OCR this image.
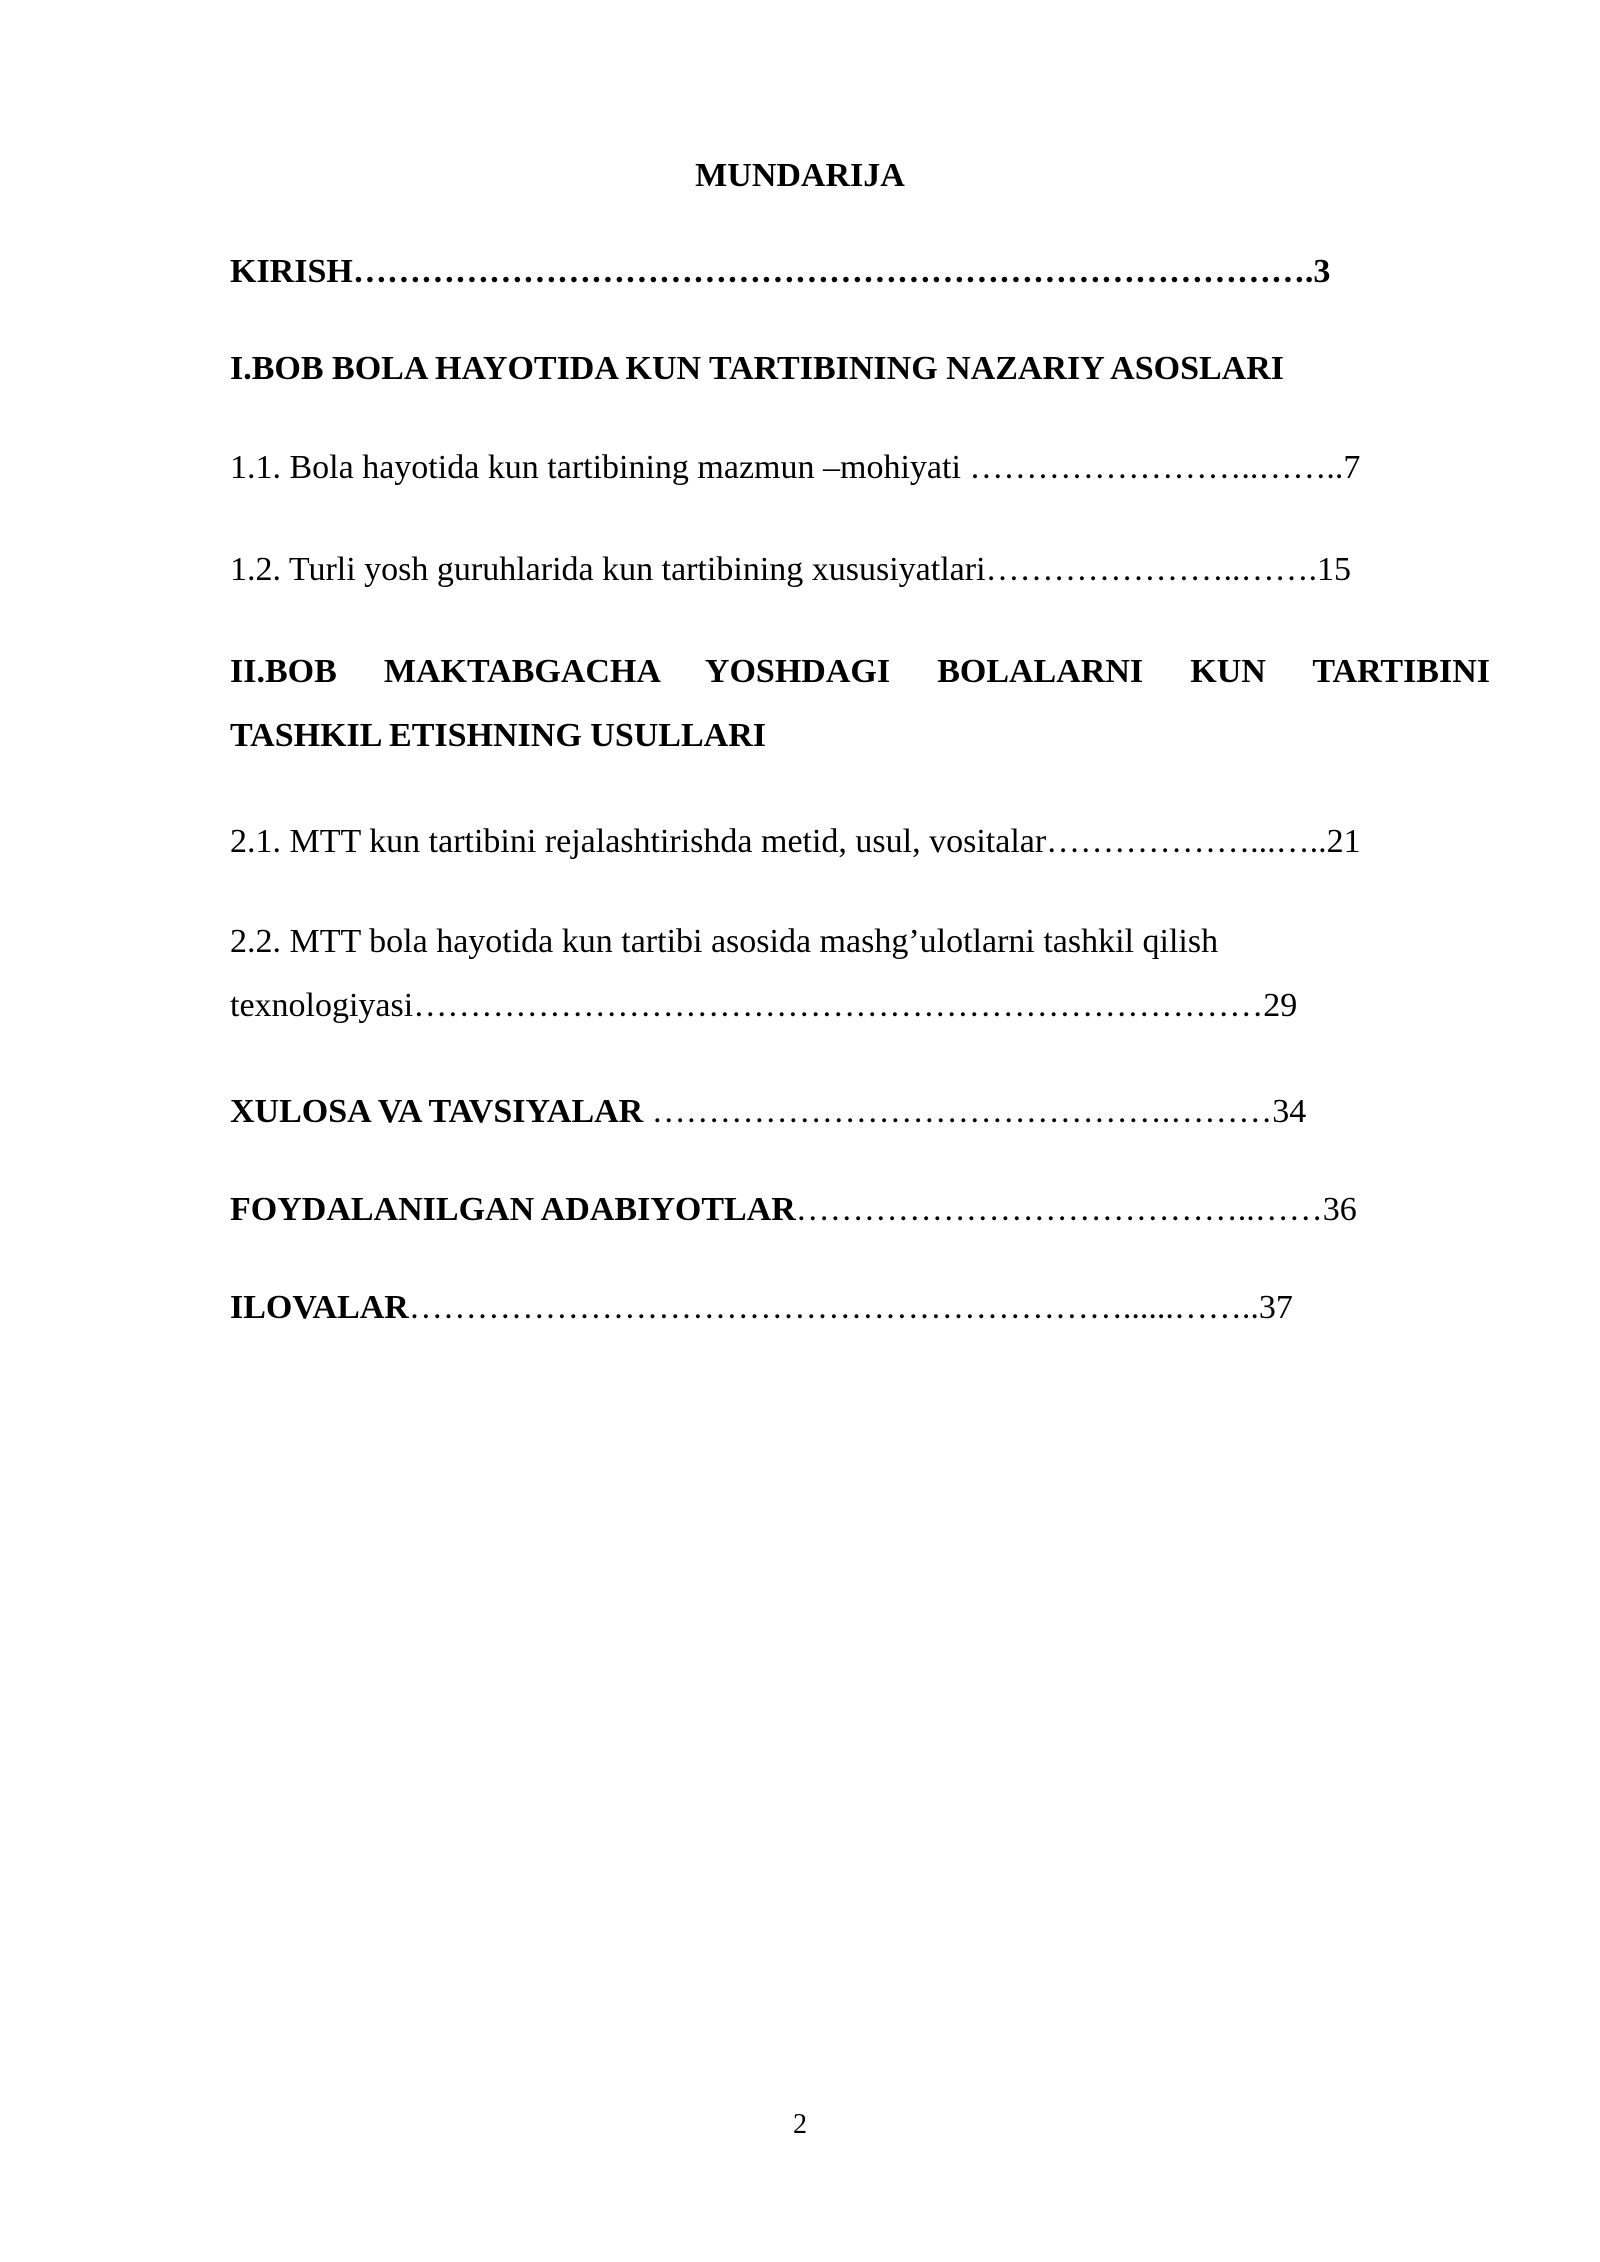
MUNDARIJA
KIRISH………………………………………………………………………….3
I.BOB BOLA HAYOTIDA KUN TARTIBINING NAZARIY ASOSLARI
1.1. Bola hayotida kun tartibining mazmun –mohiyati ……………………..……..7
1.2. Turli yosh guruhlarida kun tartibining xususiyatlari…………………..…….15
II.BOB MAKTABGACHA YOSHDAGI BOLALARNI KUN TARTIBINI
TASHKIL ETISHNING USULLARI
2.1. MTT kun tartibini rejalashtirishda metid, usul, vositalar………………...…..21
2.2. MTT bola hayotida kun tartibi asosida mashg’ulotlarni tashkil qilish
texnologiyasi…………………………………………………………………29
XULOSA VA TAVSIYALAR ……………………………………….………34
FOYDALANILGAN ADABIYOTLAR…………………………………..……36
ILOVALAR………………………………………………………......……..37
2
